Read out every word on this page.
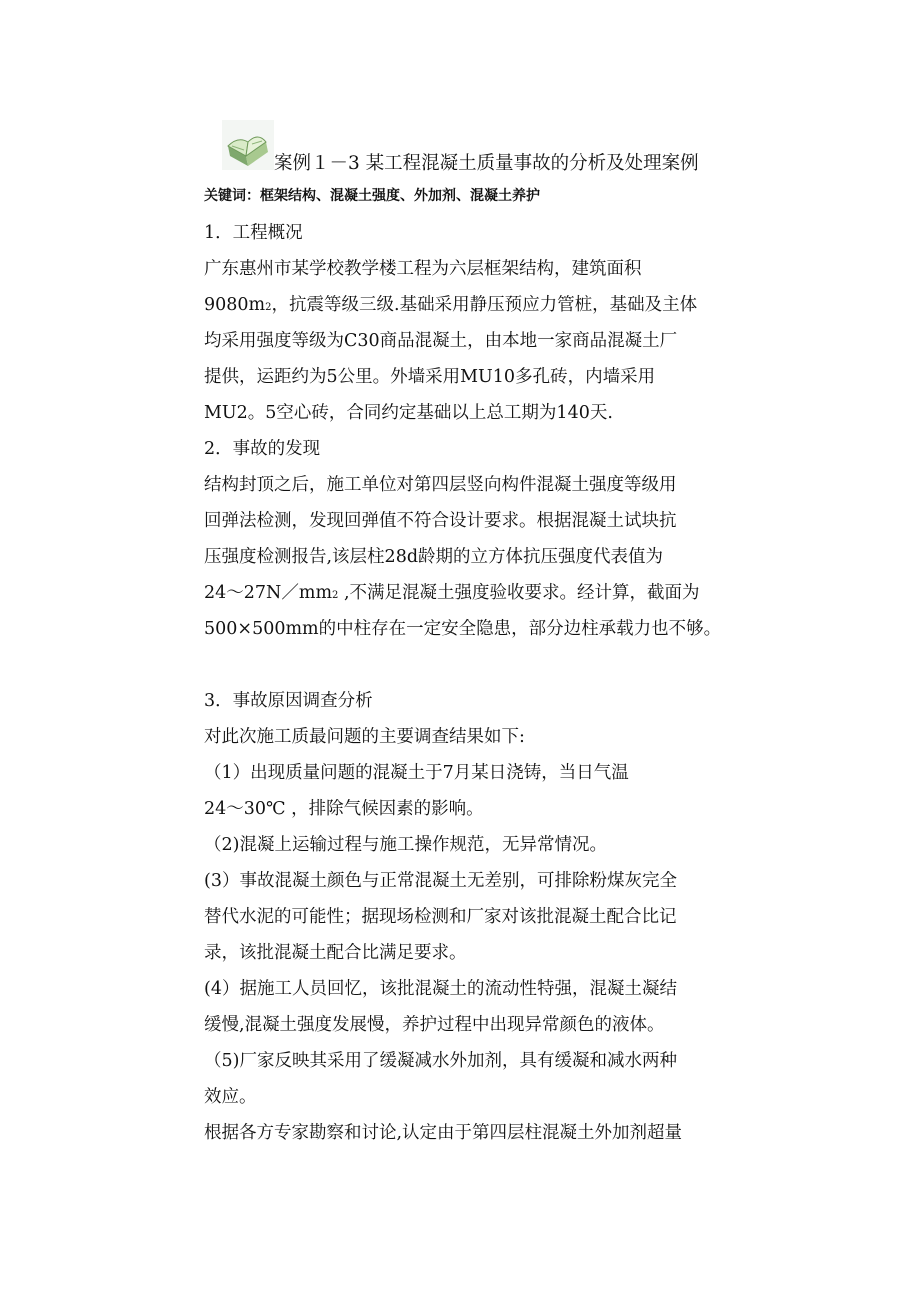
案例１－3 某工程混凝土质量事故的分析及处理案例
关键词：框架结构、混凝土强度、外加剂、混凝土养护
1．工程概况
广东惠州市某学校教学楼工程为六层框架结构，建筑面积
9080m2，抗震等级三级.基础采用静压预应力管桩，基础及主体
均采用强度等级为C30商品混凝土，由本地一家商品混凝土厂
提供，运距约为5公里。外墙采用MU10多孔砖，内墙采用
MU2。5空心砖，合同约定基础以上总工期为140天.
2．事故的发现
结构封顶之后，施工单位对第四层竖向构件混凝土强度等级用
回弹法检测，发现回弹值不符合设计要求。根据混凝土试块抗
压强度检测报告,该层柱28d龄期的立方体抗压强度代表值为
24～27N／mm2 ,不满足混凝土强度验收要求。经计算，截面为
500×500mm的中柱存在一定安全隐患，部分边柱承载力也不够。
3．事故原因调查分析
对此次施工质最问题的主要调查结果如下:
（1）出现质量问题的混凝土于7月某日浇铸，当日气温
24～30℃ ，排除气候因素的影响。
（2)混凝上运输过程与施工操作规范，无异常情况。
(3）事故混凝土颜色与正常混凝土无差别，可排除粉煤灰完全
替代水泥的可能性；据现场检测和厂家对该批混凝土配合比记
录，该批混凝土配合比满足要求。
(4）据施工人员回忆，该批混凝土的流动性特强，混凝土凝结
缓慢,混凝土强度发展慢，养护过程中出现异常颜色的液体。
（5)厂家反映其采用了缓凝减水外加剂，具有缓凝和减水两种
效应。
根据各方专家勘察和讨论,认定由于第四层柱混凝土外加剂超量
